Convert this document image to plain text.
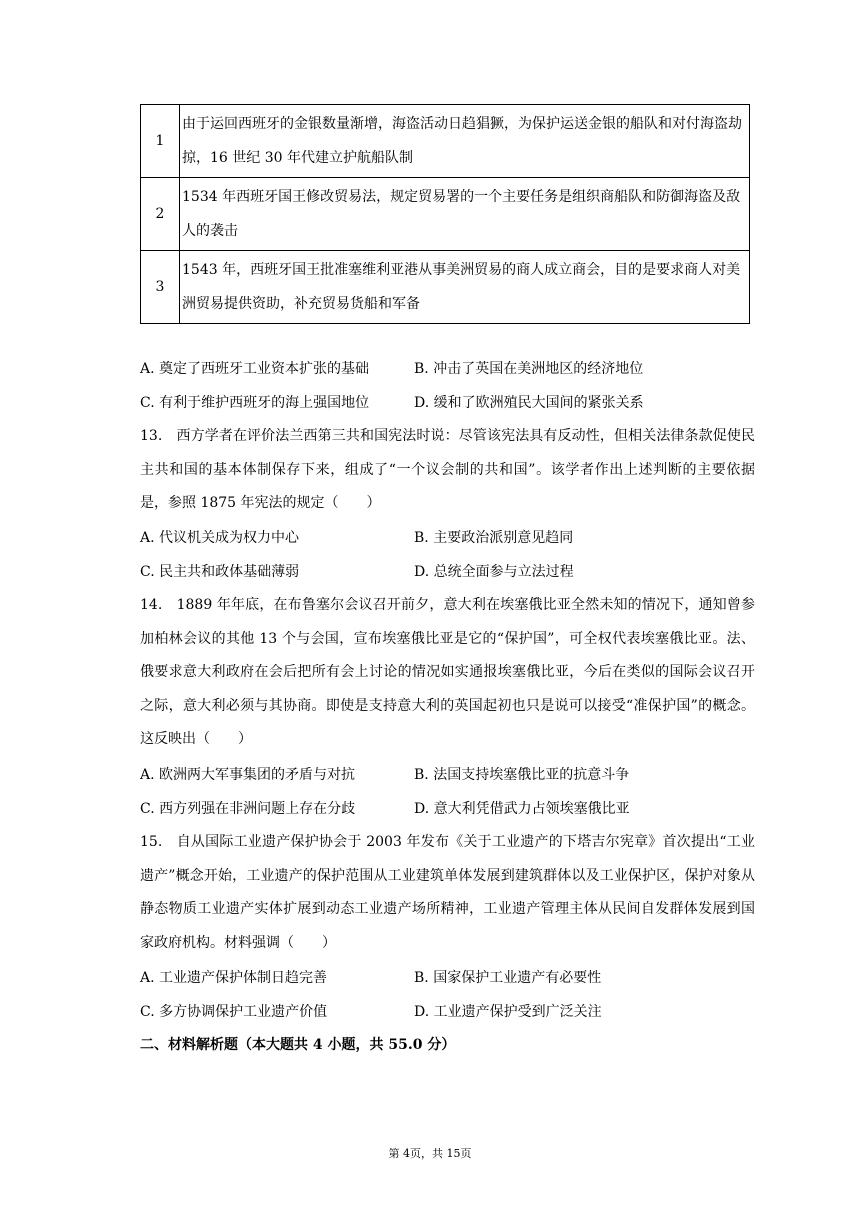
1	由于运回西班牙的金银数量渐增，海盗活动日趋猖獗，为保护运送金银的船队和对付海盗劫掠，16 世纪 30 年代建立护航船队制
2	1534 年西班牙国王修改贸易法，规定贸易署的一个主要任务是组织商船队和防御海盗及敌人的袭击
3	1543 年，西班牙国王批准塞维利亚港从事美洲贸易的商人成立商会，目的是要求商人对美洲贸易提供资助，补充贸易货船和军备
A. 奠定了西班牙工业资本扩张的基础	B. 冲击了英国在美洲地区的经济地位
C. 有利于维护西班牙的海上强国地位	D. 缓和了欧洲殖民大国间的紧张关系
13.　西方学者在评价法兰西第三共和国宪法时说：尽管该宪法具有反动性，但相关法律条款促使民主共和国的基本体制保存下来，组成了“一个议会制的共和国”。该学者作出上述判断的主要依据是，参照 1875 年宪法的规定（　　）
A. 代议机关成为权力中心	B. 主要政治派别意见趋同
C. 民主共和政体基础薄弱	D. 总统全面参与立法过程
14.　1889 年年底，在布鲁塞尔会议召开前夕，意大利在埃塞俄比亚全然未知的情况下，通知曾参加柏林会议的其他 13 个与会国，宣布埃塞俄比亚是它的“保护国”，可全权代表埃塞俄比亚。法、俄要求意大利政府在会后把所有会上讨论的情况如实通报埃塞俄比亚，今后在类似的国际会议召开之际，意大利必须与其协商。即使是支持意大利的英国起初也只是说可以接受“准保护国”的概念。这反映出（　　）
A. 欧洲两大军事集团的矛盾与对抗	B. 法国支持埃塞俄比亚的抗意斗争
C. 西方列强在非洲问题上存在分歧	D. 意大利凭借武力占领埃塞俄比亚
15.　自从国际工业遗产保护协会于 2003 年发布《关于工业遗产的下塔吉尔宪章》首次提出“工业遗产”概念开始，工业遗产的保护范围从工业建筑单体发展到建筑群体以及工业保护区，保护对象从静态物质工业遗产实体扩展到动态工业遗产场所精神，工业遗产管理主体从民间自发群体发展到国家政府机构。材料强调（　　）
A. 工业遗产保护体制日趋完善	B. 国家保护工业遗产有必要性
C. 多方协调保护工业遗产价值	D. 工业遗产保护受到广泛关注
二、材料解析题（本大题共 4 小题，共 55.0 分）
第 4页，共 15页
